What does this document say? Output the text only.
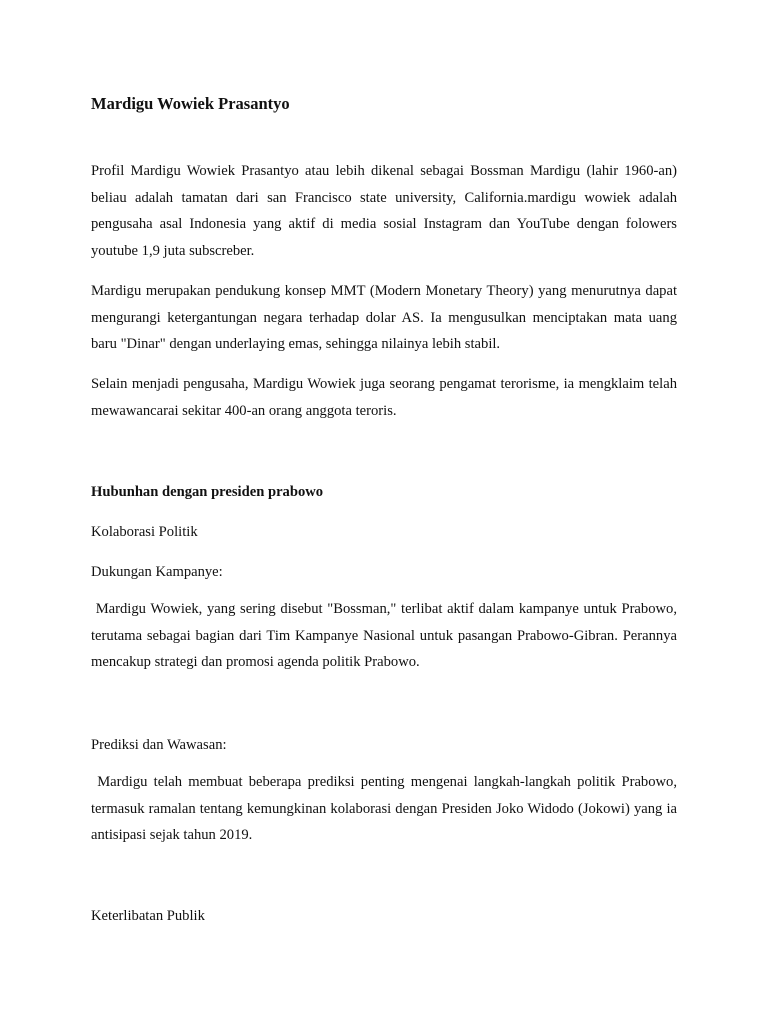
Mardigu Wowiek Prasantyo

Profil Mardigu Wowiek Prasantyo atau lebih dikenal sebagai Bossman Mardigu (lahir 1960-an) beliau adalah tamatan dari san Francisco state university, California.mardigu wowiek adalah pengusaha asal Indonesia yang aktif di media sosial Instagram dan YouTube dengan folowers youtube 1,9 juta subscreber.

Mardigu merupakan pendukung konsep MMT (Modern Monetary Theory) yang menurutnya dapat mengurangi ketergantungan negara terhadap dolar AS. Ia mengusulkan menciptakan mata uang baru "Dinar" dengan underlaying emas, sehingga nilainya lebih stabil.

Selain menjadi pengusaha, Mardigu Wowiek juga seorang pengamat terorisme, ia mengklaim telah mewawancarai sekitar 400-an orang anggota teroris.

Hubunhan dengan presiden prabowo

Kolaborasi Politik

Dukungan Kampanye:

Mardigu Wowiek, yang sering disebut "Bossman," terlibat aktif dalam kampanye untuk Prabowo, terutama sebagai bagian dari Tim Kampanye Nasional untuk pasangan Prabowo-Gibran. Perannya mencakup strategi dan promosi agenda politik Prabowo.

Prediksi dan Wawasan:

Mardigu telah membuat beberapa prediksi penting mengenai langkah-langkah politik Prabowo, termasuk ramalan tentang kemungkinan kolaborasi dengan Presiden Joko Widodo (Jokowi) yang ia antisipasi sejak tahun 2019.

Keterlibatan Publik
